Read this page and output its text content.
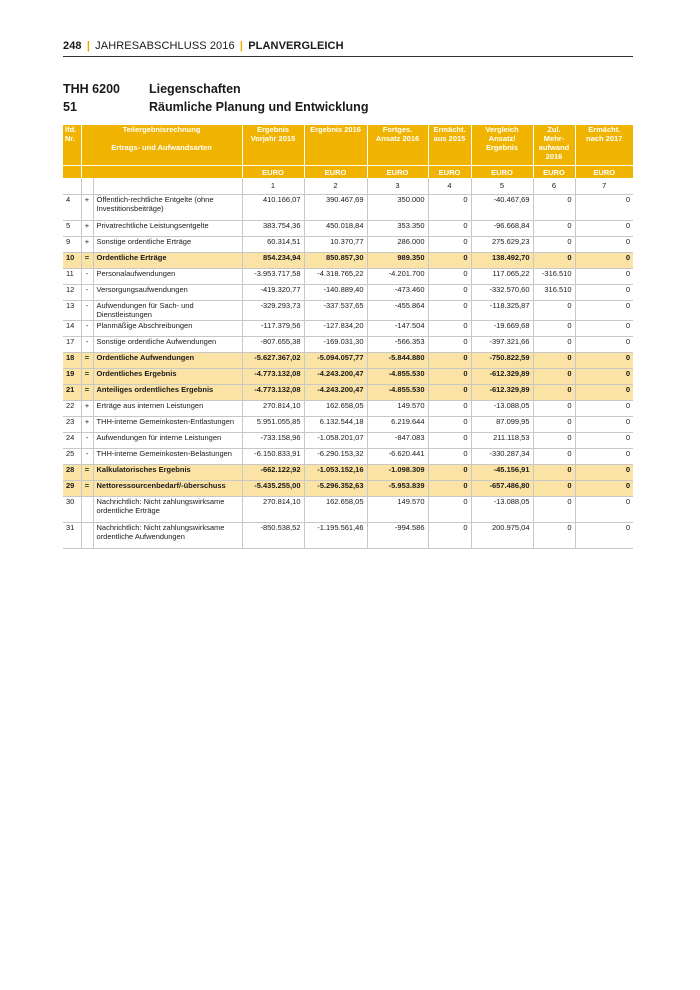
248 | JAHRESABSCHLUSS 2016 | PLANVERGLEICH
THH 6200	Liegenschaften
51	Räumliche Planung und Entwicklung
lfd. Nr.	Teilergebnisrechnung
Ertrags- und Aufwandsarten		Ergebnis Vorjahr 2015	Ergebnis 2016	Fortges. Ansatz 2016	Ermächt. aus 2015	Vergleich Ansatz/ Ergebnis	Zul. Mehr-aufwand 2016	Ermächt. nach 2017
			EURO	EURO	EURO	EURO	EURO	EURO	EURO
			1	2	3	4	5	6	7
4	+	Öffentlich-rechtliche Entgelte (ohne Investitionsbeiträge)	410.166,07	390.467,69	350.000	0	-40.467,69	0	0
5	+	Privatrechtliche Leistungsentgelte	383.754,36	450.018,84	353.350	0	-96.668,84	0	0
9	+	Sonstige ordentliche Erträge	60.314,51	10.370,77	286.000	0	275.629,23	0	0
10	=	Ordentliche Erträge	854.234,94	850.857,30	989.350	0	138.492,70	0	0
11	-	Personalaufwendungen	-3.953.717,58	-4.318.765,22	-4.201.700	0	117.065,22	-316.510	0
12	-	Versorgungsaufwendungen	-419.320,77	-140.889,40	-473.460	0	-332.570,60	316.510	0
13	-	Aufwendungen für Sach- und Dienstleistungen	-329.293,73	-337.537,65	-455.864	0	-118.325,87	0	0
14	-	Planmäßige Abschreibungen	-117.379,56	-127.834,20	-147.504	0	-19.669,68	0	0
17	-	Sonstige ordentliche Aufwendungen	-807.655,38	-169.031,30	-566.353	0	-397.321,66	0	0
18	=	Ordentliche Aufwendungen	-5.627.367,02	-5.094.057,77	-5.844.880	0	-750.822,59	0	0
19	=	Ordentliches Ergebnis	-4.773.132,08	-4.243.200,47	-4.855.530	0	-612.329,89	0	0
21	=	Anteiliges ordentliches Ergebnis	-4.773.132,08	-4.243.200,47	-4.855.530	0	-612.329,89	0	0
22	+	Erträge aus internen Leistungen	270.814,10	162.658,05	149.570	0	-13.088,05	0	0
23	+	THH-interne Gemeinkosten-Entlastungen	5.951.055,85	6.132.544,18	6.219.644	0	87.099,95	0	0
24	-	Aufwendungen für interne Leistungen	-733.158,96	-1.058.201,07	-847.083	0	211.118,53	0	0
25	-	THH-interne Gemeinkosten-Belastungen	-6.150.833,91	-6.290.153,32	-6.620.441	0	-330.287,34	0	0
28	=	Kalkulatorisches Ergebnis	-662.122,92	-1.053.152,16	-1.098.309	0	-45.156,91	0	0
29	=	Nettoressourcenbedarf/-überschuss	-5.435.255,00	-5.296.352,63	-5.953.839	0	-657.486,80	0	0
30		Nachrichtlich: Nicht zahlungswirksame ordentliche Erträge	270.814,10	162.658,05	149.570	0	-13.088,05	0	0
31		Nachrichtlich: Nicht zahlungswirksame ordentliche Aufwendungen	-850.538,52	-1.195.561,46	-994.586	0	200.975,04	0	0
